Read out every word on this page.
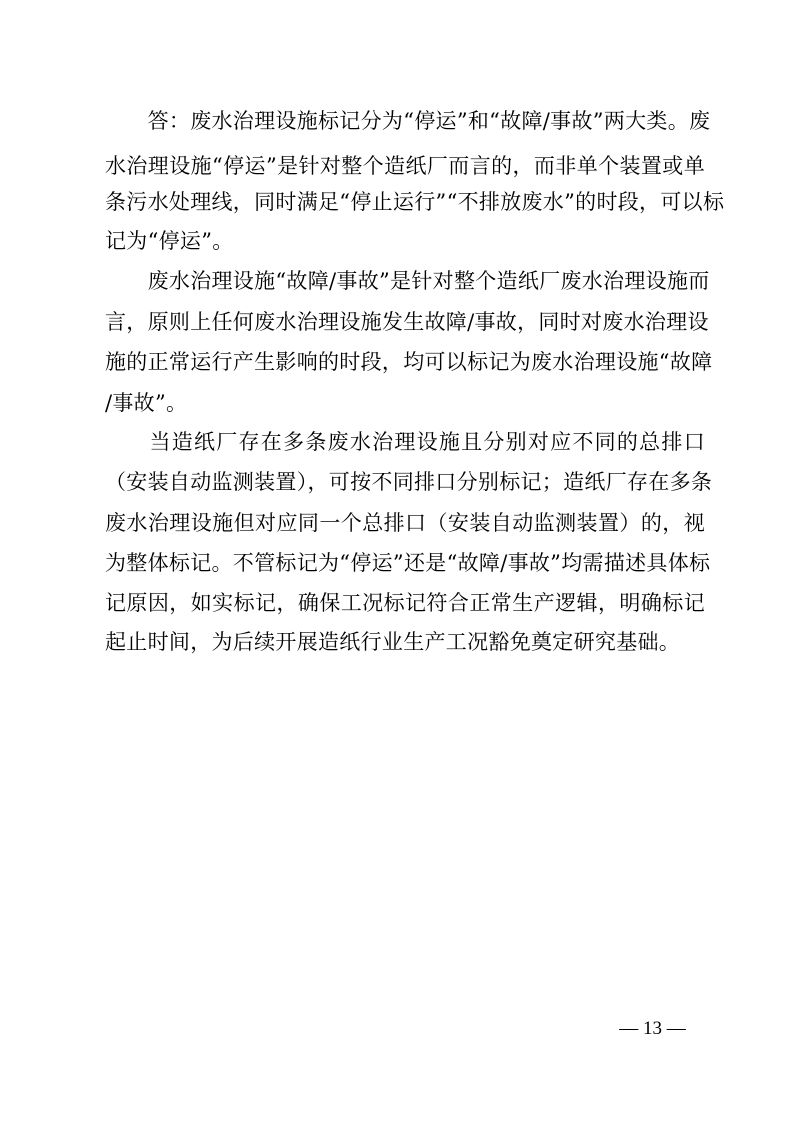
　　答：废水治理设施标记分为“停运”和“故障/事故”两大类。废
水治理设施“停运”是针对整个造纸厂而言的，而非单个装置或单
条污水处理线，同时满足“停止运行”“不排放废水”的时段，可以标
记为“停运”。
　　废水治理设施“故障/事故”是针对整个造纸厂废水治理设施而
言，原则上任何废水治理设施发生故障/事故，同时对废水治理设
施的正常运行产生影响的时段，均可以标记为废水治理设施“故障
/事故”。
　　当造纸厂存在多条废水治理设施且分别对应不同的总排口
（安装自动监测装置），可按不同排口分别标记；造纸厂存在多条
废水治理设施但对应同一个总排口（安装自动监测装置）的，视
为整体标记。不管标记为“停运”还是“故障/事故”均需描述具体标
记原因，如实标记，确保工况标记符合正常生产逻辑，明确标记
起止时间，为后续开展造纸行业生产工况豁免奠定研究基础。
— 13 —
